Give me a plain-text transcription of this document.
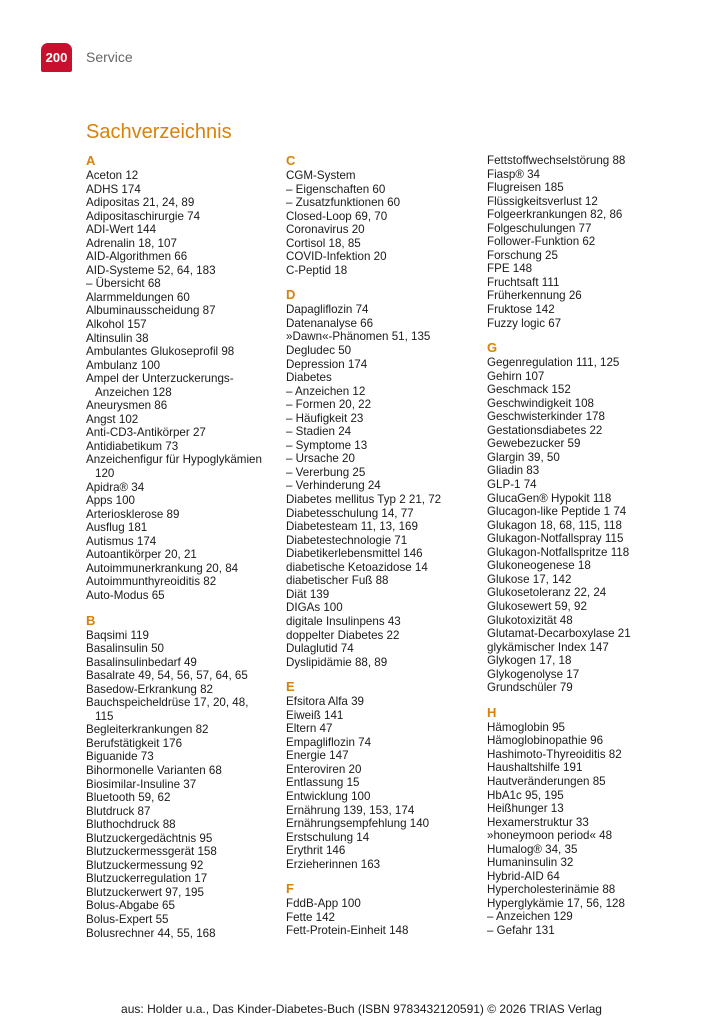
200	Service
Sachverzeichnis
A
Aceton 12
ADHS 174
Adipositas 21, 24, 89
Adipositaschirurgie 74
ADI-Wert 144
Adrenalin 18, 107
AID-Algorithmen 66
AID-Systeme 52, 64, 183
– Übersicht 68
Alarmmeldungen 60
Albuminausscheidung 87
Alkohol 157
Altinsulin 38
Ambulantes Glukoseprofil 98
Ambulanz 100
Ampel der Unterzuckerungs-
Anzeichen 128
Aneurysmen 86
Angst 102
Anti-CD3-Antikörper 27
Antidiabetikum 73
Anzeichenfigur für Hypoglykämien
120
Apidra® 34
Apps 100
Arteriosklerose 89
Ausflug 181
Autismus 174
Autoantikörper 20, 21
Autoimmunerkrankung 20, 84
Autoimmunthyreoiditis 82
Auto-Modus 65
B
Baqsimi 119
Basalinsulin 50
Basalinsulinbedarf 49
Basalrate 49, 54, 56, 57, 64, 65
Basedow-Erkrankung 82
Bauchspeicheldrüse 17, 20, 48,
115
Begleiterkrankungen 82
Berufstätigkeit 176
Biguanide 73
Bihormonelle Varianten 68
Biosimilar-Insuline 37
Bluetooth 59, 62
Blutdruck 87
Bluthochdruck 88
Blutzuckergedächtnis 95
Blutzuckermessgerät 158
Blutzuckermessung 92
Blutzuckerregulation 17
Blutzuckerwert 97, 195
Bolus-Abgabe 65
Bolus-Expert 55
Bolusrechner 44, 55, 168
C
CGM-System
– Eigenschaften 60
– Zusatzfunktionen 60
Closed-Loop 69, 70
Coronavirus 20
Cortisol 18, 85
COVID-Infektion 20
C-Peptid 18
D
Dapagliflozin 74
Datenanalyse 66
»Dawn«-Phänomen 51, 135
Degludec 50
Depression 174
Diabetes
– Anzeichen 12
– Formen 20, 22
– Häufigkeit 23
– Stadien 24
– Symptome 13
– Ursache 20
– Vererbung 25
– Verhinderung 24
Diabetes mellitus Typ 2 21, 72
Diabetesschulung 14, 77
Diabetesteam 11, 13, 169
Diabetestechnologie 71
Diabetikerlebensmittel 146
diabetische Ketoazidose 14
diabetischer Fuß 88
Diät 139
DIGAs 100
digitale Insulinpens 43
doppelter Diabetes 22
Dulaglutid 74
Dyslipidämie 88, 89
E
Efsitora Alfa 39
Eiweiß 141
Eltern 47
Empagliflozin 74
Energie 147
Enteroviren 20
Entlassung 15
Entwicklung 100
Ernährung 139, 153, 174
Ernährungsempfehlung 140
Erstschulung 14
Erythrit 146
Erzieherinnen 163
F
FddB-App 100
Fette 142
Fett-Protein-Einheit 148
Fettstoffwechselstörung 88
Fiasp® 34
Flugreisen 185
Flüssigkeitsverlust 12
Folgeerkrankungen 82, 86
Folgeschulungen 77
Follower-Funktion 62
Forschung 25
FPE 148
Fruchtsaft 111
Früherkennung 26
Fruktose 142
Fuzzy logic 67
G
Gegenregulation 111, 125
Gehirn 107
Geschmack 152
Geschwindigkeit 108
Geschwisterkinder 178
Gestationsdiabetes 22
Gewebezucker 59
Glargin 39, 50
Gliadin 83
GLP-1 74
GlucaGen® Hypokit 118
Glucagon-like Peptide 1 74
Glukagon 18, 68, 115, 118
Glukagon-Notfallspray 115
Glukagon-Notfallspritze 118
Glukoneogenese 18
Glukose 17, 142
Glukosetoleranz 22, 24
Glukosewert 59, 92
Glukotoxizität 48
Glutamat-Decarboxylase 21
glykämischer Index 147
Glykogen 17, 18
Glykogenolyse 17
Grundschüler 79
H
Hämoglobin 95
Hämoglobinopathie 96
Hashimoto-Thyreoiditis 82
Haushaltshilfe 191
Hautveränderungen 85
HbA1c 95, 195
Heißhunger 13
Hexamerstruktur 33
»honeymoon period« 48
Humalog® 34, 35
Humaninsulin 32
Hybrid-AID 64
Hypercholesterinämie 88
Hyperglykämie 17, 56, 128
– Anzeichen 129
– Gefahr 131
aus: Holder u.a., Das Kinder-Diabetes-Buch (ISBN 9783432120591) © 2026 TRIAS Verlag
